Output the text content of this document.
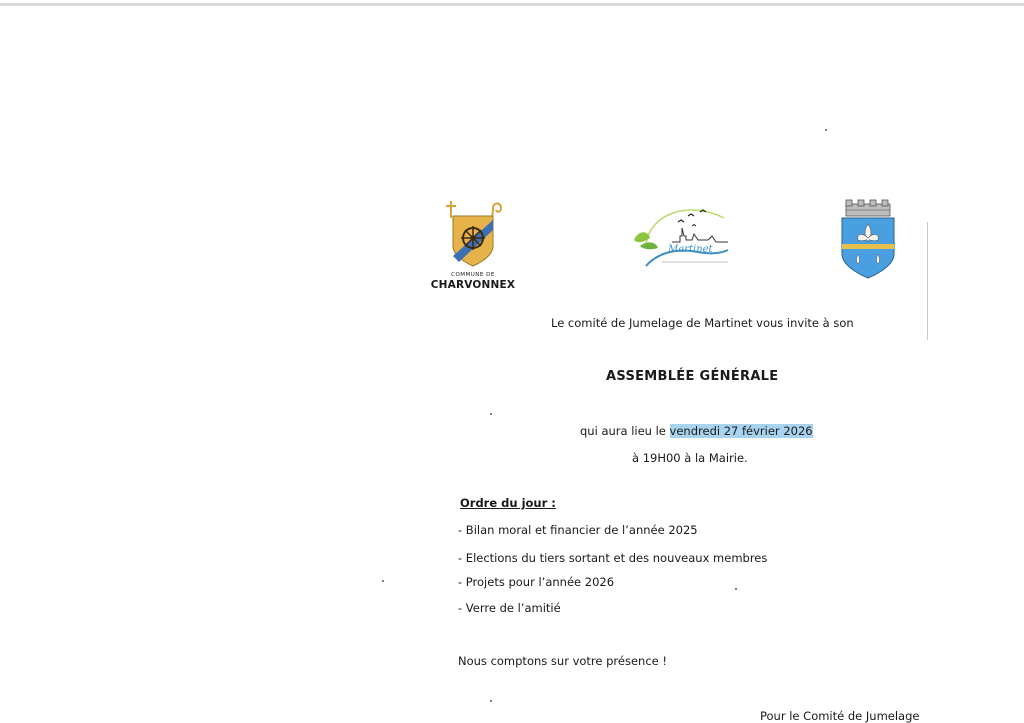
COMMUNE DE
CHARVONNEX
Martinet
Le comité de Jumelage de Martinet vous invite à son
ASSEMBLÉE GÉNÉRALE
qui aura lieu le vendredi 27 février 2026
à 19H00 à la Mairie.
Ordre du jour :
- Bilan moral et financier de l’année 2025
- Elections du tiers sortant et des nouveaux membres
- Projets pour l’année 2026
- Verre de l’amitié
Nous comptons sur votre présence !
Pour le Comité de Jumelage
